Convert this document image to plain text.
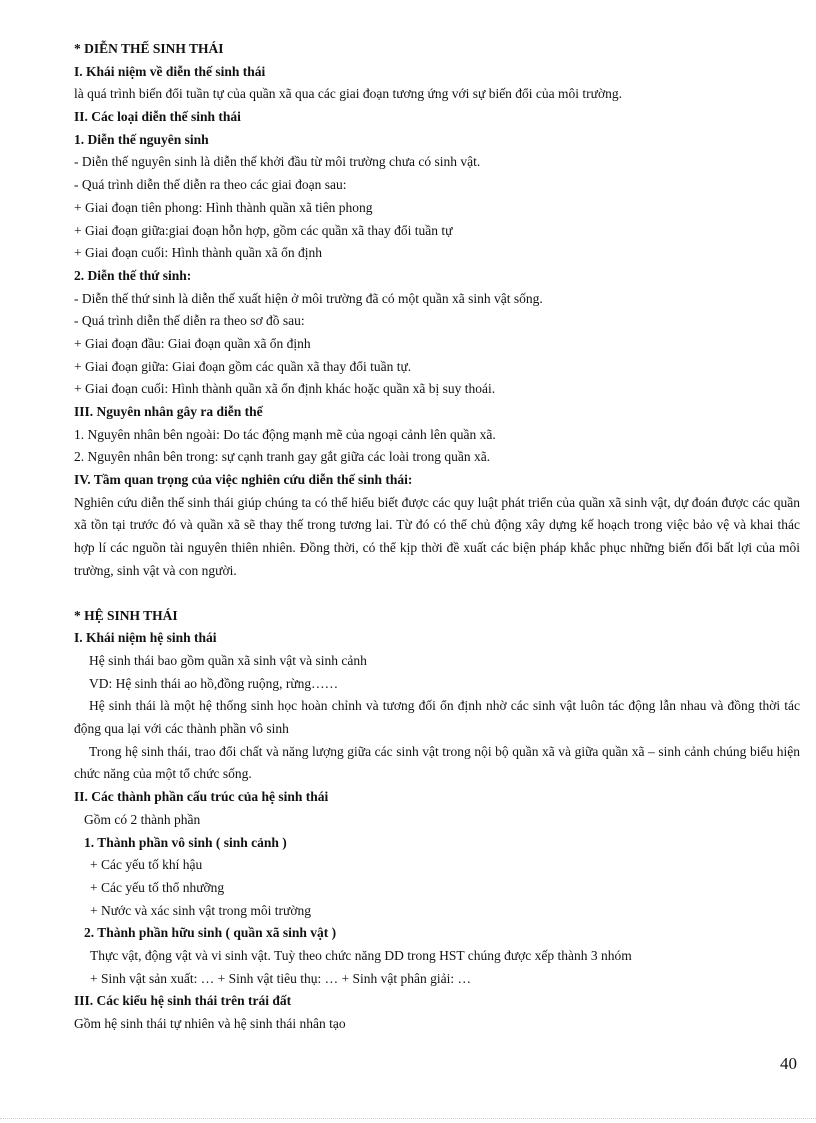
* DIỄN THẾ SINH THÁI
I. Khái niệm về diễn thế sinh thái
là quá trình biến đổi tuần tự của quần xã qua các giai đoạn tương ứng với sự biến đổi của môi trường.
II. Các loại diễn thế sinh thái
1. Diễn thế nguyên sinh
- Diễn thế nguyên sinh là diễn thế khởi đầu từ môi trường chưa có sinh vật.
- Quá trình diễn thế diễn ra theo các giai đoạn sau:
+ Giai đoạn tiên phong: Hình thành quần xã tiên phong
+ Giai đoạn giữa:giai đoạn hỗn hợp, gồm các quần xã thay đổi tuần tự
+ Giai đoạn cuối: Hình thành quần xã ổn định
2. Diễn thế thứ sinh:
- Diễn thế thứ sinh là diễn thế xuất hiện ở môi trường đã có một quần xã sinh vật sống.
- Quá trình diễn thế diễn ra theo sơ đồ sau:
+ Giai đoạn đầu: Giai đoạn quần xã ổn định
+ Giai đoạn giữa: Giai đoạn gồm các quần xã thay đổi tuần tự.
+ Giai đoạn cuối: Hình thành quần xã ổn định khác hoặc quần xã bị suy thoái.
III. Nguyên nhân gây ra diễn thế
1. Nguyên nhân bên ngoài: Do tác động mạnh mẽ của ngoại cảnh lên quần xã.
2. Nguyên nhân bên trong: sự cạnh tranh gay gắt giữa các loài trong quần xã.
IV. Tầm quan trọng của việc nghiên cứu diễn thế sinh thái:
Nghiên cứu diễn thế sinh thái giúp chúng ta có thể hiểu biết được các quy luật phát triển của quần xã sinh vật, dự đoán được các quần xã tồn tại trước đó và quần xã sẽ thay thế trong tương lai. Từ đó có thể chủ động xây dựng kế hoạch trong việc bảo vệ và khai thác hợp lí các nguồn tài nguyên thiên nhiên. Đồng thời, có thể kịp thời đề xuất các biện pháp khắc phục những biến đổi bất lợi của môi trường, sinh vật và con người.
* HỆ SINH THÁI
I. Khái niệm hệ sinh thái
Hệ sinh thái bao gồm quần xã sinh vật và sinh cảnh
VD: Hệ sinh thái ao hồ,đồng ruộng, rừng……
Hệ sinh thái là một hệ thống sinh học hoàn chỉnh và tương đối ổn định nhờ các sinh vật luôn tác động lẫn nhau và đồng thời tác động qua lại với các thành phần vô sinh
Trong hệ sinh thái, trao đổi chất và năng lượng giữa các sinh vật trong nội bộ quần xã và giữa quần xã – sinh cảnh chúng biểu hiện chức năng của một tổ chức sống.
II. Các thành phần cấu trúc của hệ sinh thái
Gồm có 2 thành phần
1. Thành phần vô sinh ( sinh cảnh )
+ Các yếu tố khí hậu
+ Các yếu tố thổ nhưỡng
+ Nước và xác sinh vật trong môi trường
2. Thành phần hữu sinh ( quần xã sinh vật )
Thực vật, động vật và vi sinh vật. Tuỳ theo chức năng DD trong HST chúng được xếp thành 3 nhóm
+ Sinh vật sản xuất: … + Sinh vật tiêu thụ: … + Sinh vật phân giải: …
III. Các kiểu hệ sinh thái trên trái đất
Gồm hệ sinh thái tự nhiên và hệ sinh thái nhân tạo
40
